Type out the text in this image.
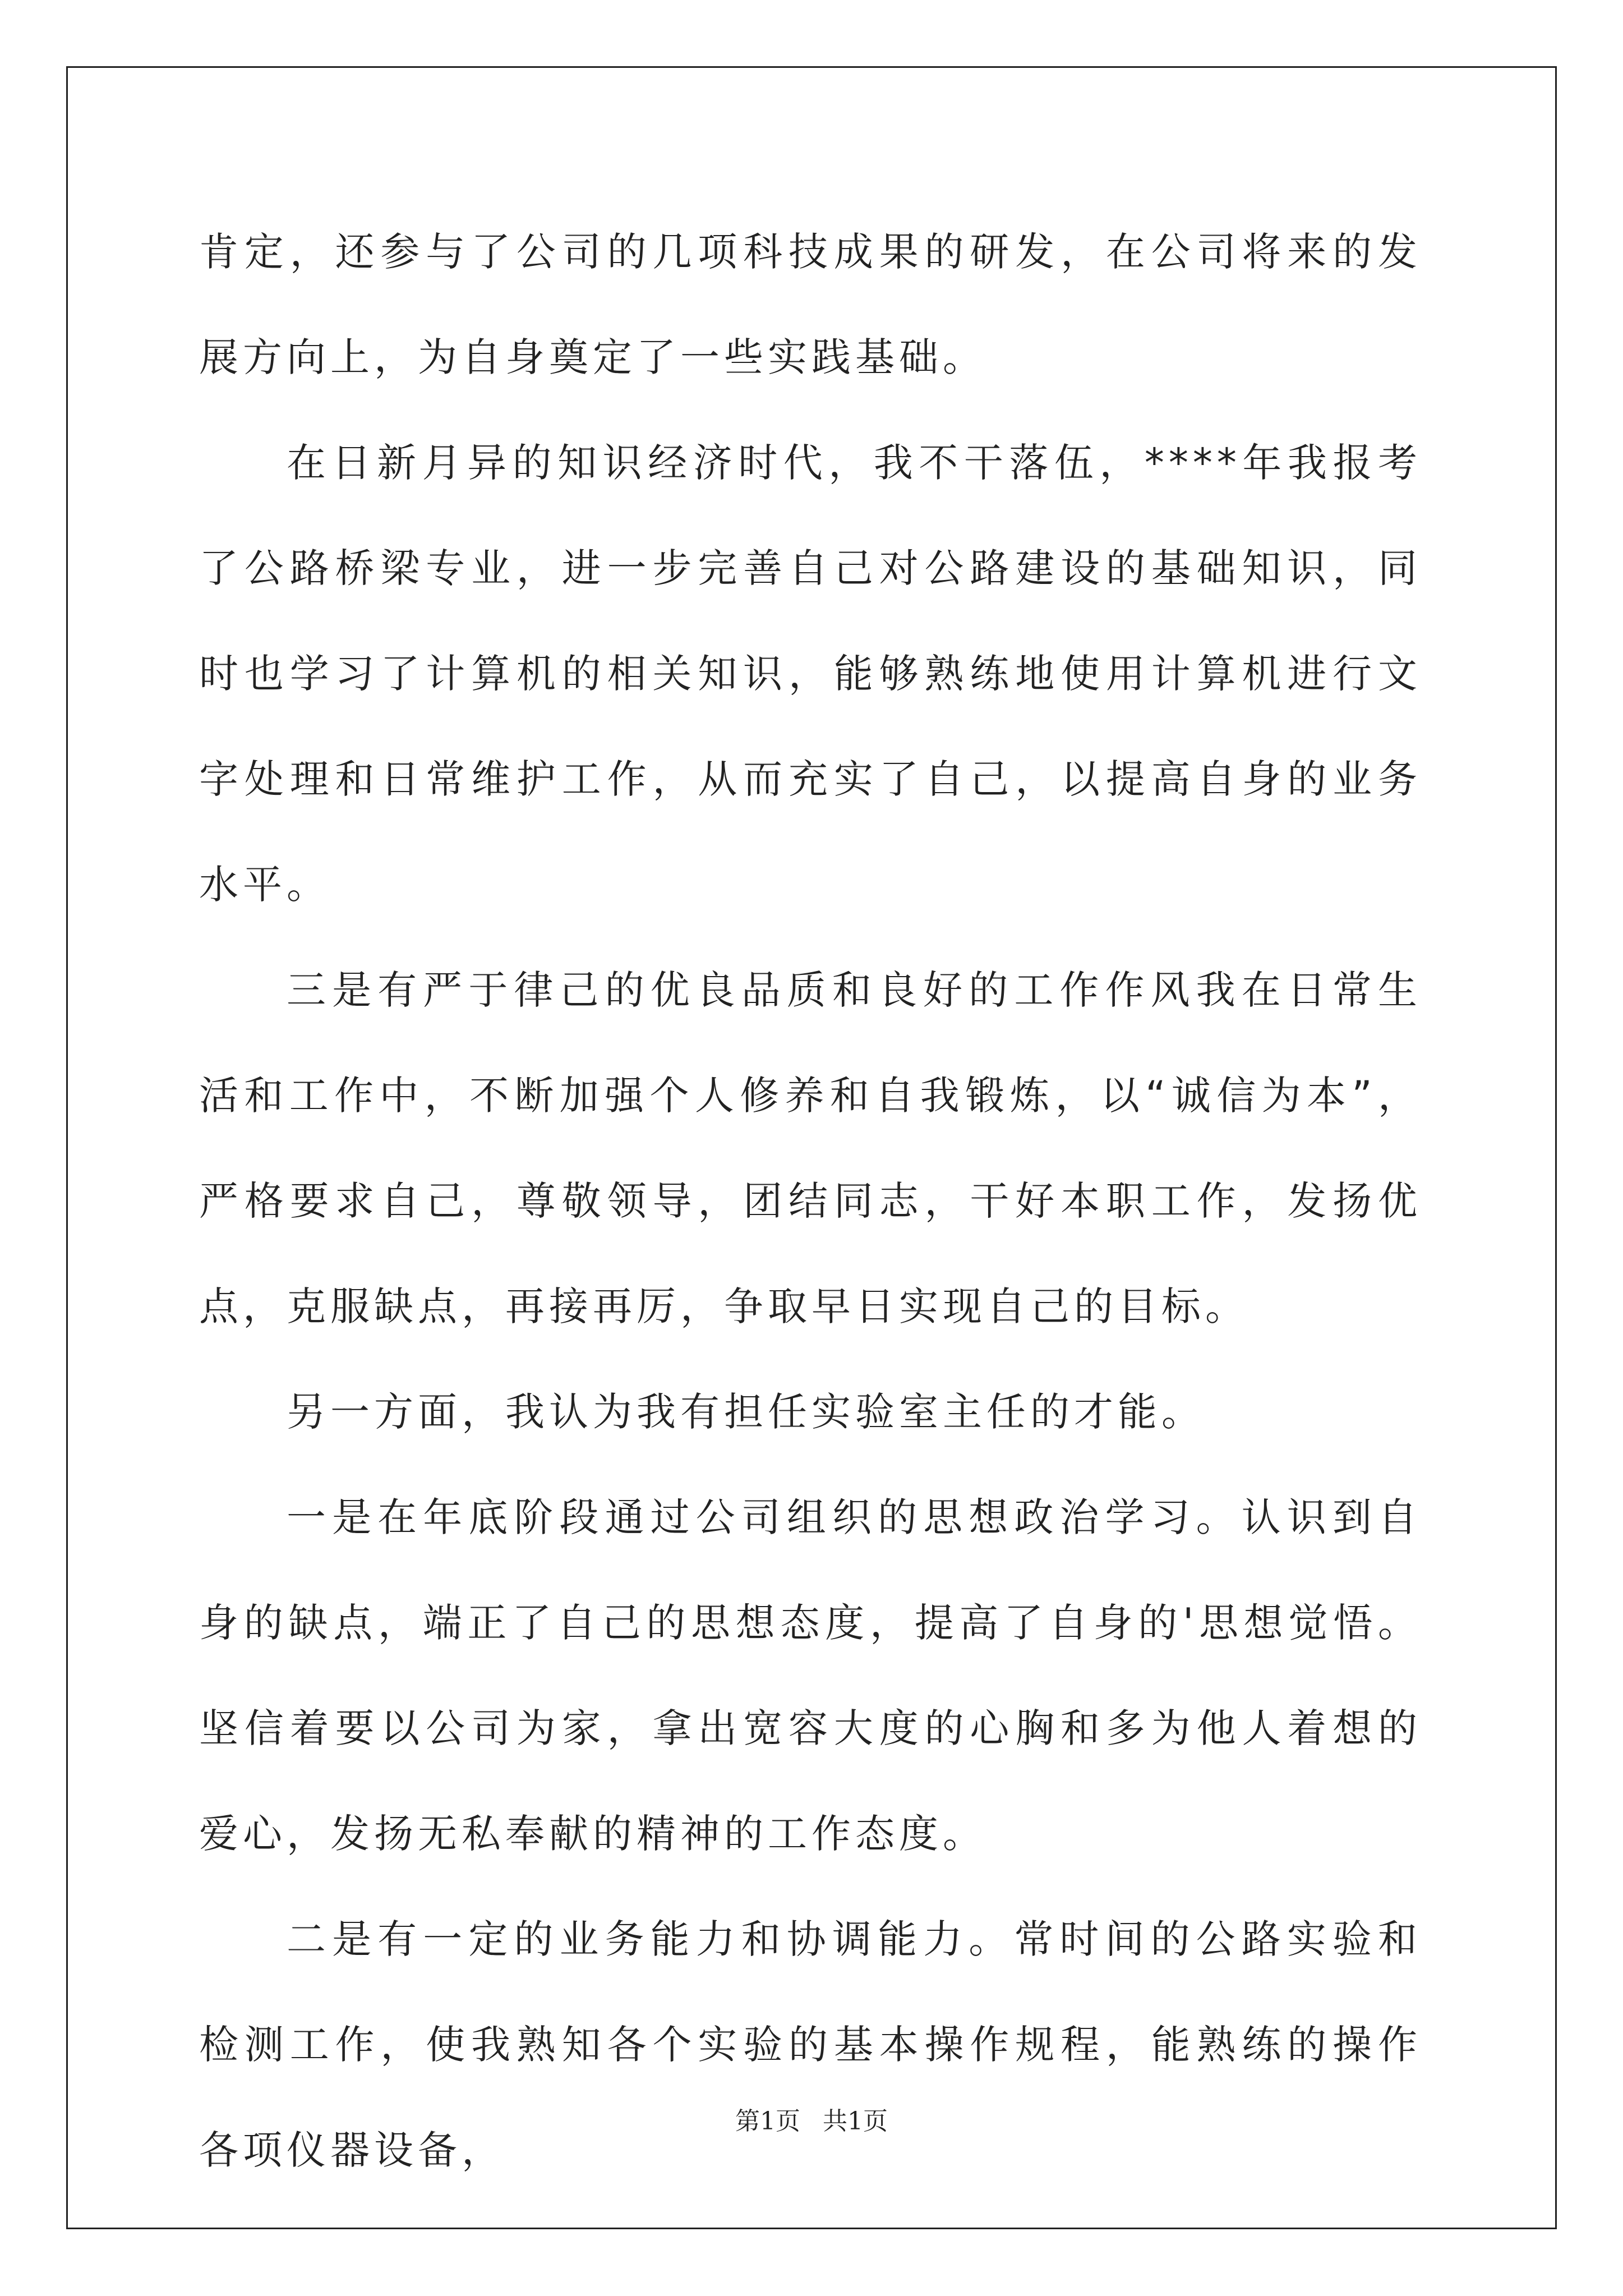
肯定，还参与了公司的几项科技成果的研发，在公司将来的发展方向上，为自身奠定了一些实践基础。

在日新月异的知识经济时代，我不干落伍，****年我报考了公路桥梁专业，进一步完善自己对公路建设的基础知识，同时也学习了计算机的相关知识，能够熟练地使用计算机进行文字处理和日常维护工作，从而充实了自己，以提高自身的业务水平。

三是有严于律己的优良品质和良好的工作作风我在日常生活和工作中，不断加强个人修养和自我锻炼，以“诚信为本”，严格要求自己，尊敬领导，团结同志，干好本职工作，发扬优点，克服缺点，再接再厉，争取早日实现自己的目标。

另一方面，我认为我有担任实验室主任的才能。

一是在年底阶段通过公司组织的思想政治学习。认识到自身的缺点，端正了自己的思想态度，提高了自身的'思想觉悟。坚信着要以公司为家，拿出宽容大度的心胸和多为他人着想的爱心，发扬无私奉献的精神的工作态度。

二是有一定的业务能力和协调能力。常时间的公路实验和检测工作，使我熟知各个实验的基本操作规程，能熟练的操作各项仪器设备，

第1页 共1页
